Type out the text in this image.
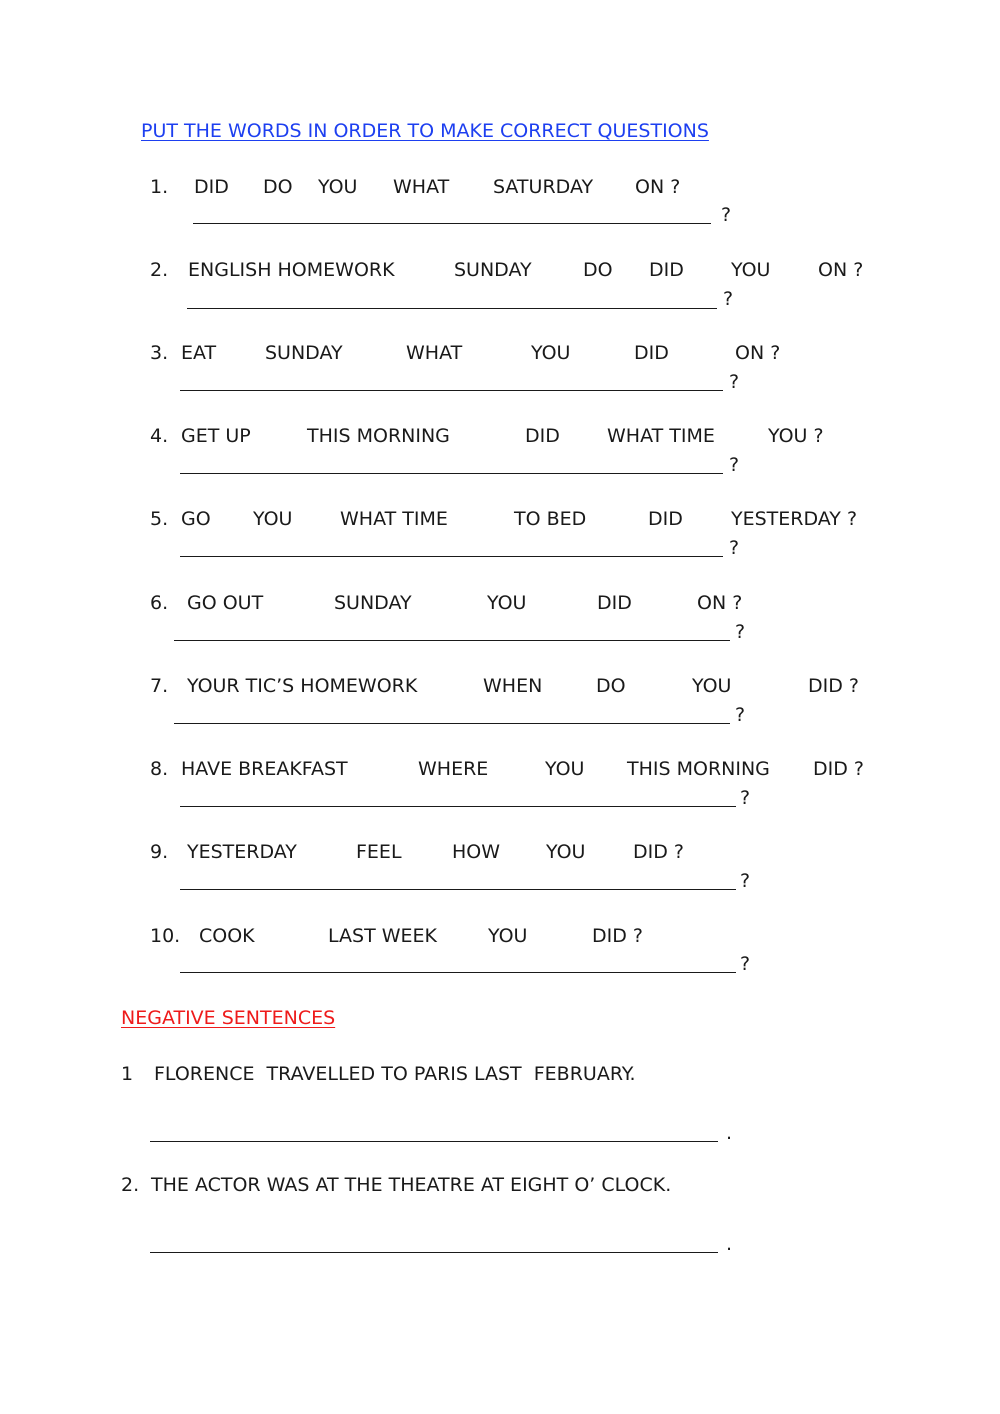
PUT THE WORDS IN ORDER TO MAKE CORRECT QUESTIONS
1. DID DO YOU WHAT SATURDAY ON ?
?
2. ENGLISH HOMEWORK	SUNDAY	DO DID YOU	ON ?
?
3. EAT	SUNDAY	WHAT	YOU	DID	ON ?
?
4. GET UP	THIS MORNING	DID WHAT TIME	YOU ?
?
5. GO YOU	WHAT TIME	TO BED	DID	YESTERDAY ?
?
6. GO OUT	SUNDAY	YOU	DID	ON ?
?
7. YOUR TIC’S HOMEWORK	WHEN	DO	YOU	DID ?
?
8. HAVE BREAKFAST	WHERE	YOU THIS MORNING DID ?
?
9. YESTERDAY	FEEL	HOW YOU	DID ?
?
10. COOK	LAST WEEK	YOU	DID ?
?
NEGATIVE SENTENCES
1 FLORENCE  TRAVELLED TO PARIS LAST  FEBRUARY.
.
2. THE ACTOR WAS AT THE THEATRE AT EIGHT O’ CLOCK.
.
